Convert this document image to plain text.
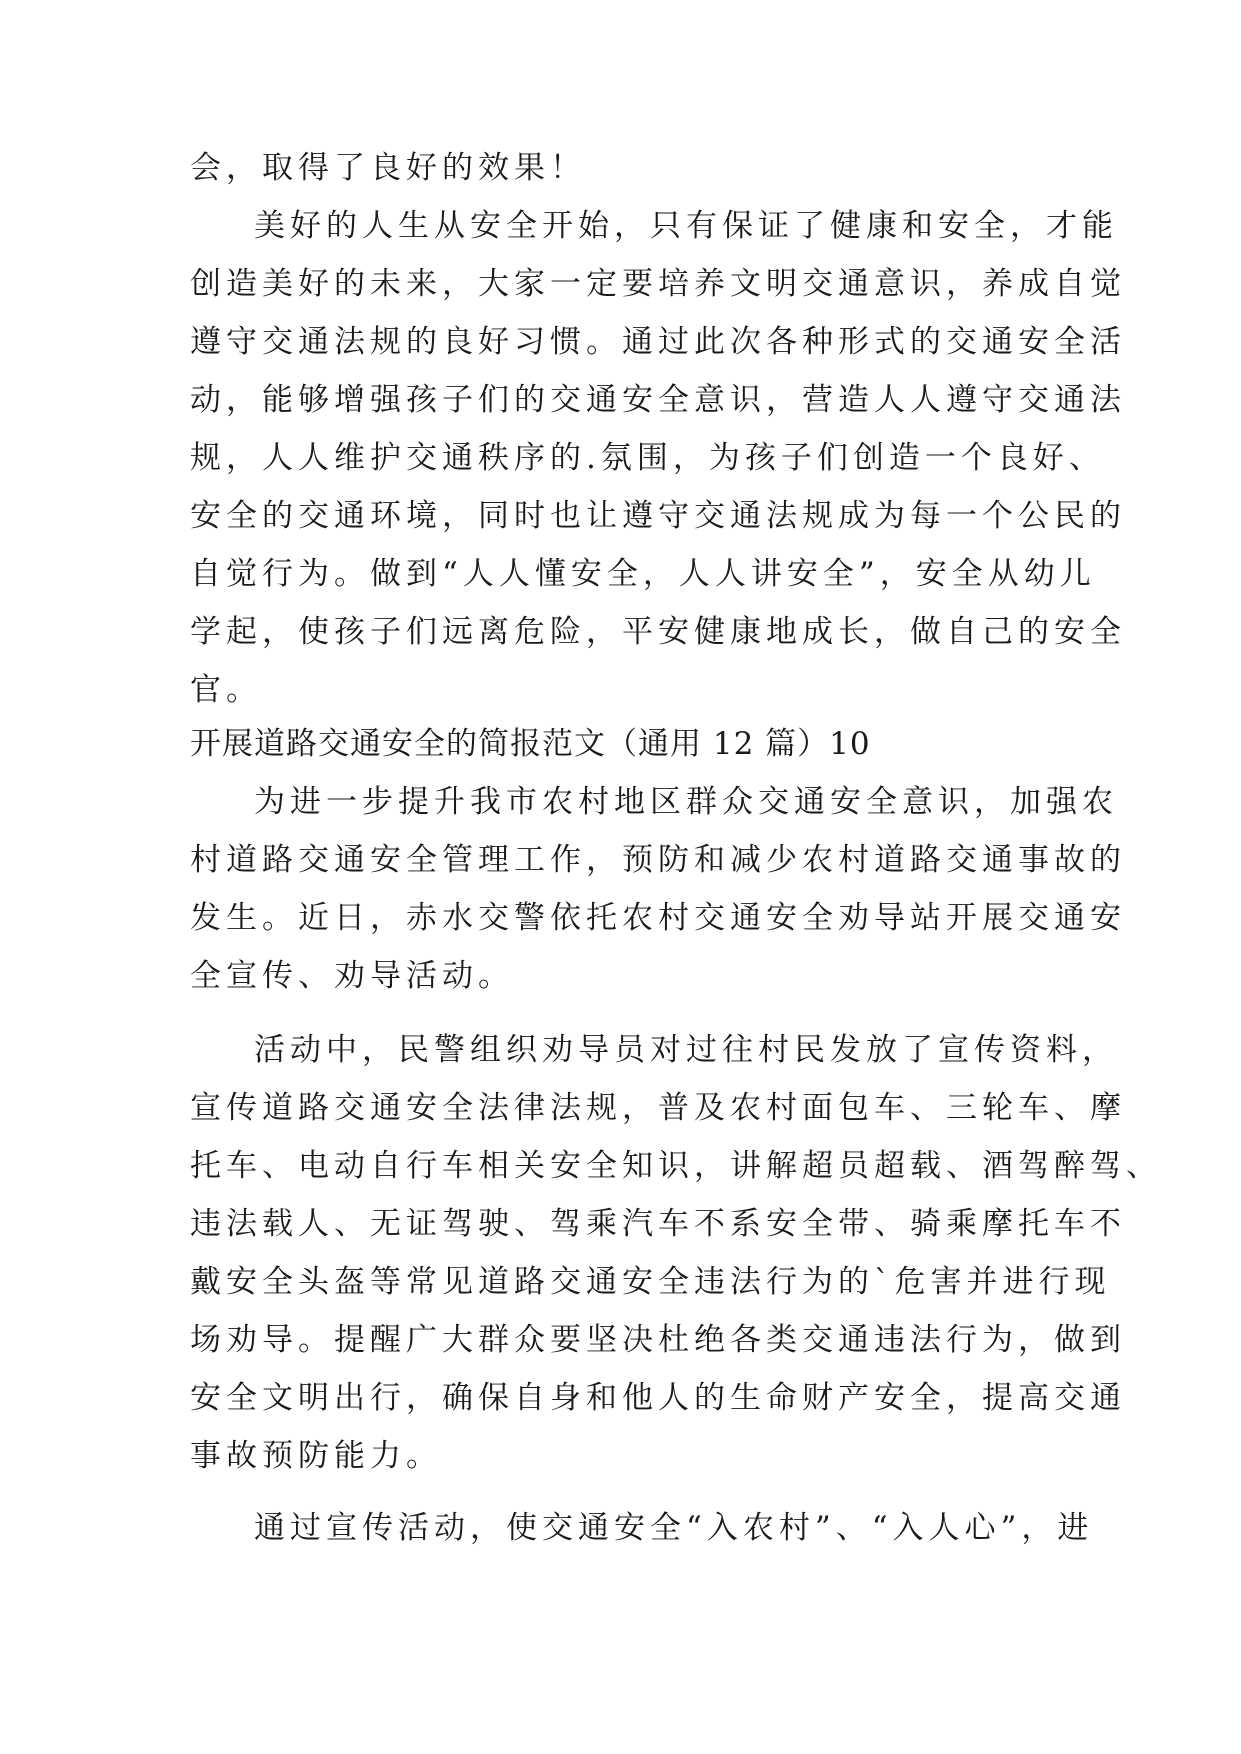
会，取得了良好的效果！
美好的人生从安全开始，只有保证了健康和安全，才能
创造美好的未来，大家一定要培养文明交通意识，养成自觉
遵守交通法规的良好习惯。通过此次各种形式的交通安全活
动，能够增强孩子们的交通安全意识，营造人人遵守交通法
规，人人维护交通秩序的.氛围，为孩子们创造一个良好、
安全的交通环境，同时也让遵守交通法规成为每一个公民的
自觉行为。做到“人人懂安全，人人讲安全”，安全从幼儿
学起，使孩子们远离危险，平安健康地成长，做自己的安全
官。
开展道路交通安全的简报范文（通用 12 篇）10
为进一步提升我市农村地区群众交通安全意识，加强农
村道路交通安全管理工作，预防和减少农村道路交通事故的
发生。近日，赤水交警依托农村交通安全劝导站开展交通安
全宣传、劝导活动。
活动中，民警组织劝导员对过往村民发放了宣传资料，
宣传道路交通安全法律法规，普及农村面包车、三轮车、摩
托车、电动自行车相关安全知识，讲解超员超载、酒驾醉驾、
违法载人、无证驾驶、驾乘汽车不系安全带、骑乘摩托车不
戴安全头盔等常见道路交通安全违法行为的`危害并进行现
场劝导。提醒广大群众要坚决杜绝各类交通违法行为，做到
安全文明出行，确保自身和他人的生命财产安全，提高交通
事故预防能力。
通过宣传活动，使交通安全“入农村”、“入人心”，进
